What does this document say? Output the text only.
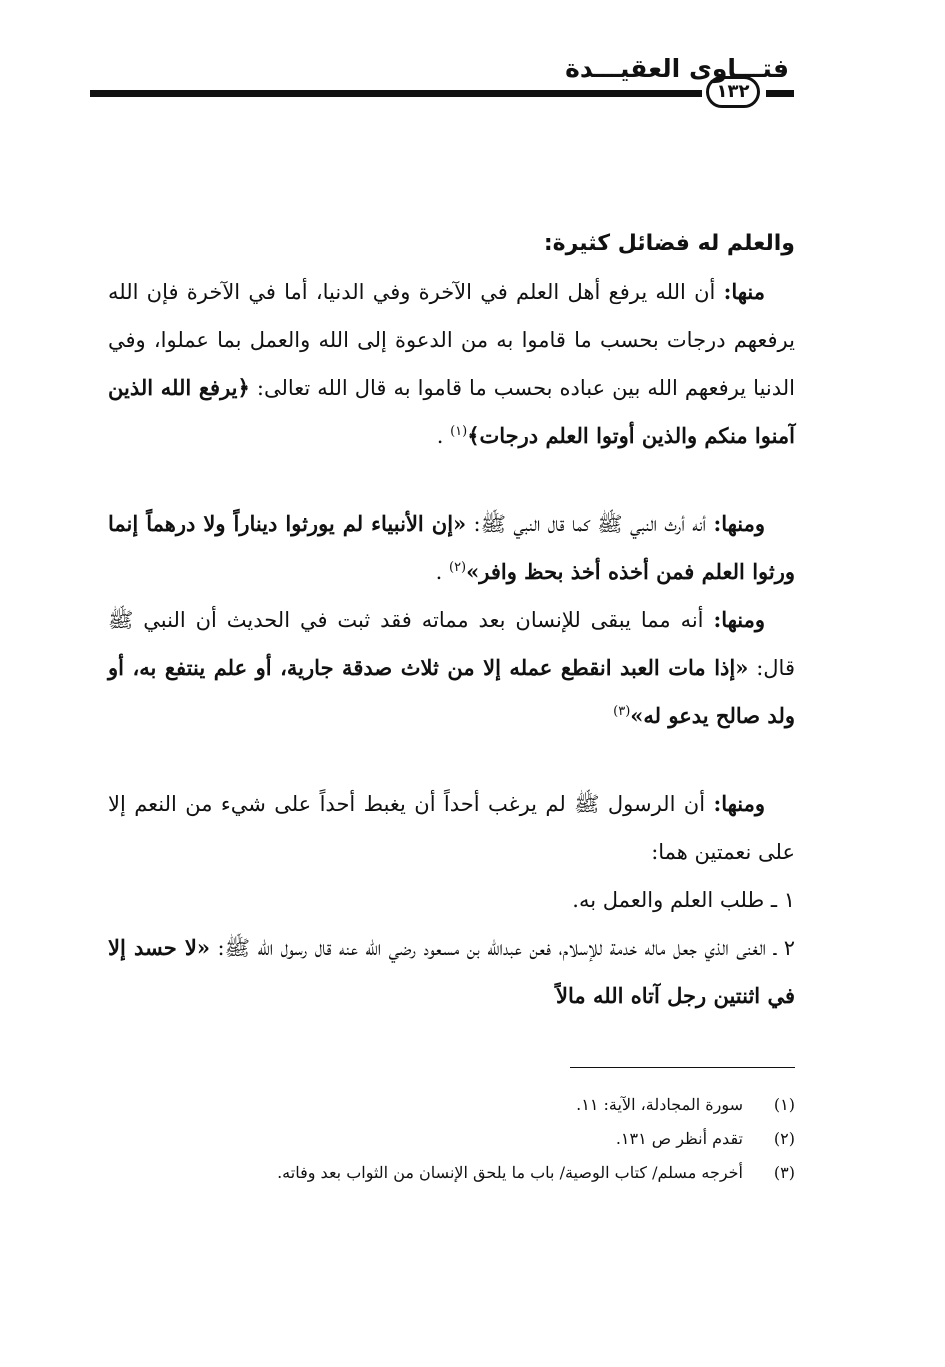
فتـــاوى العقيـــدة
١٣٢

والعلم له فضائل كثيرة:

منها: أن الله يرفع أهل العلم في الآخرة وفي الدنيا، أما في الآخرة فإن الله يرفعهم درجات بحسب ما قاموا به من الدعوة إلى الله والعمل بما عملوا، وفي الدنيا يرفعهم الله بين عباده بحسب ما قاموا به قال الله تعالى: ﴿يرفع الله الذين آمنوا منكم والذين أوتوا العلم درجات﴾$^{(١)}$ .

ومنها: أنه أرث النبي ﷺ كما قال النبي ﷺ: «إن الأنبياء لم يورثوا ديناراً ولا درهماً إنما ورثوا العلم فمن أخذه أخذ بحظ وافر»$^{(٢)}$ .

ومنها: أنه مما يبقى للإنسان بعد مماته فقد ثبت في الحديث أن النبي ﷺ قال: «إذا مات العبد انقطع عمله إلا من ثلاث صدقة جارية، أو علم ينتفع به، أو ولد صالح يدعو له»$^{(٣)}$

ومنها: أن الرسول ﷺ لم يرغب أحداً أن يغبط أحداً على شيء من النعم إلا على نعمتين هما:

١ ـ طلب العلم والعمل به.

٢ ـ الغنى الذي جعل ماله خدمة للإسلام، فعن عبدالله بن مسعود رضي الله عنه قال رسول الله ﷺ: «لا حسد إلا في اثنتين رجل آتاه الله مالاً

(١)
سورة المجادلة، الآية: ١١.
(٢)
تقدم أنظر ص ١٣١.
(٣)
أخرجه مسلم/ كتاب الوصية/ باب ما يلحق الإنسان من الثواب بعد وفاته.
